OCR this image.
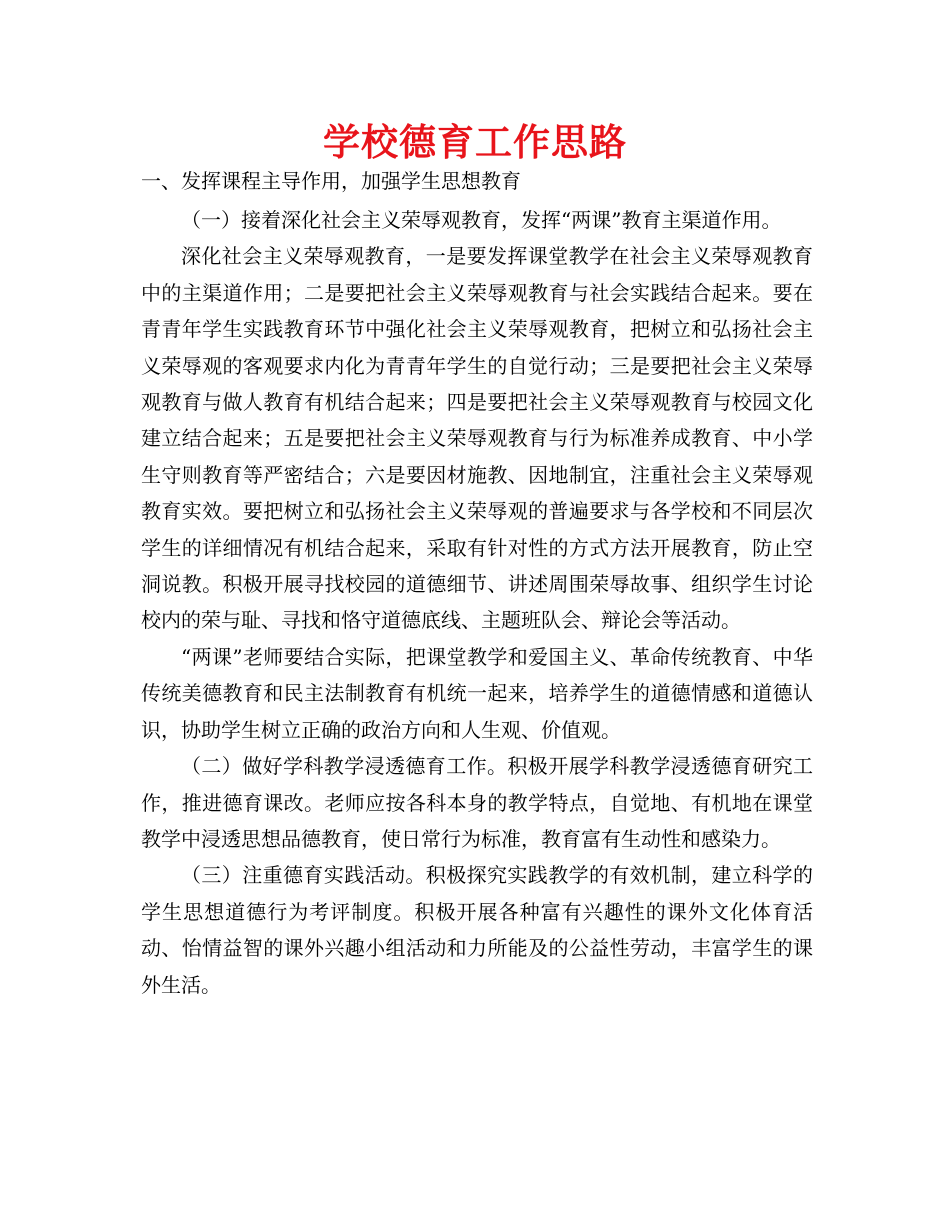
学校德育工作思路

一、发挥课程主导作用，加强学生思想教育

（一）接着深化社会主义荣辱观教育，发挥“两课”教育主渠道作用。

深化社会主义荣辱观教育，一是要发挥课堂教学在社会主义荣辱观教育中的主渠道作用；二是要把社会主义荣辱观教育与社会实践结合起来。要在青青年学生实践教育环节中强化社会主义荣辱观教育，把树立和弘扬社会主义荣辱观的客观要求内化为青青年学生的自觉行动；三是要把社会主义荣辱观教育与做人教育有机结合起来；四是要把社会主义荣辱观教育与校园文化建立结合起来；五是要把社会主义荣辱观教育与行为标准养成教育、中小学生守则教育等严密结合；六是要因材施教、因地制宜，注重社会主义荣辱观教育实效。要把树立和弘扬社会主义荣辱观的普遍要求与各学校和不同层次学生的详细情况有机结合起来，采取有针对性的方式方法开展教育，防止空洞说教。积极开展寻找校园的道德细节、讲述周围荣辱故事、组织学生讨论校内的荣与耻、寻找和恪守道德底线、主题班队会、辩论会等活动。

“两课”老师要结合实际，把课堂教学和爱国主义、革命传统教育、中华传统美德教育和民主法制教育有机统一起来，培养学生的道德情感和道德认识，协助学生树立正确的政治方向和人生观、价值观。

（二）做好学科教学浸透德育工作。积极开展学科教学浸透德育研究工作，推进德育课改。老师应按各科本身的教学特点，自觉地、有机地在课堂教学中浸透思想品德教育，使日常行为标准，教育富有生动性和感染力。

（三）注重德育实践活动。积极探究实践教学的有效机制，建立科学的学生思想道德行为考评制度。积极开展各种富有兴趣性的课外文化体育活动、怡情益智的课外兴趣小组活动和力所能及的公益性劳动，丰富学生的课外生活。
